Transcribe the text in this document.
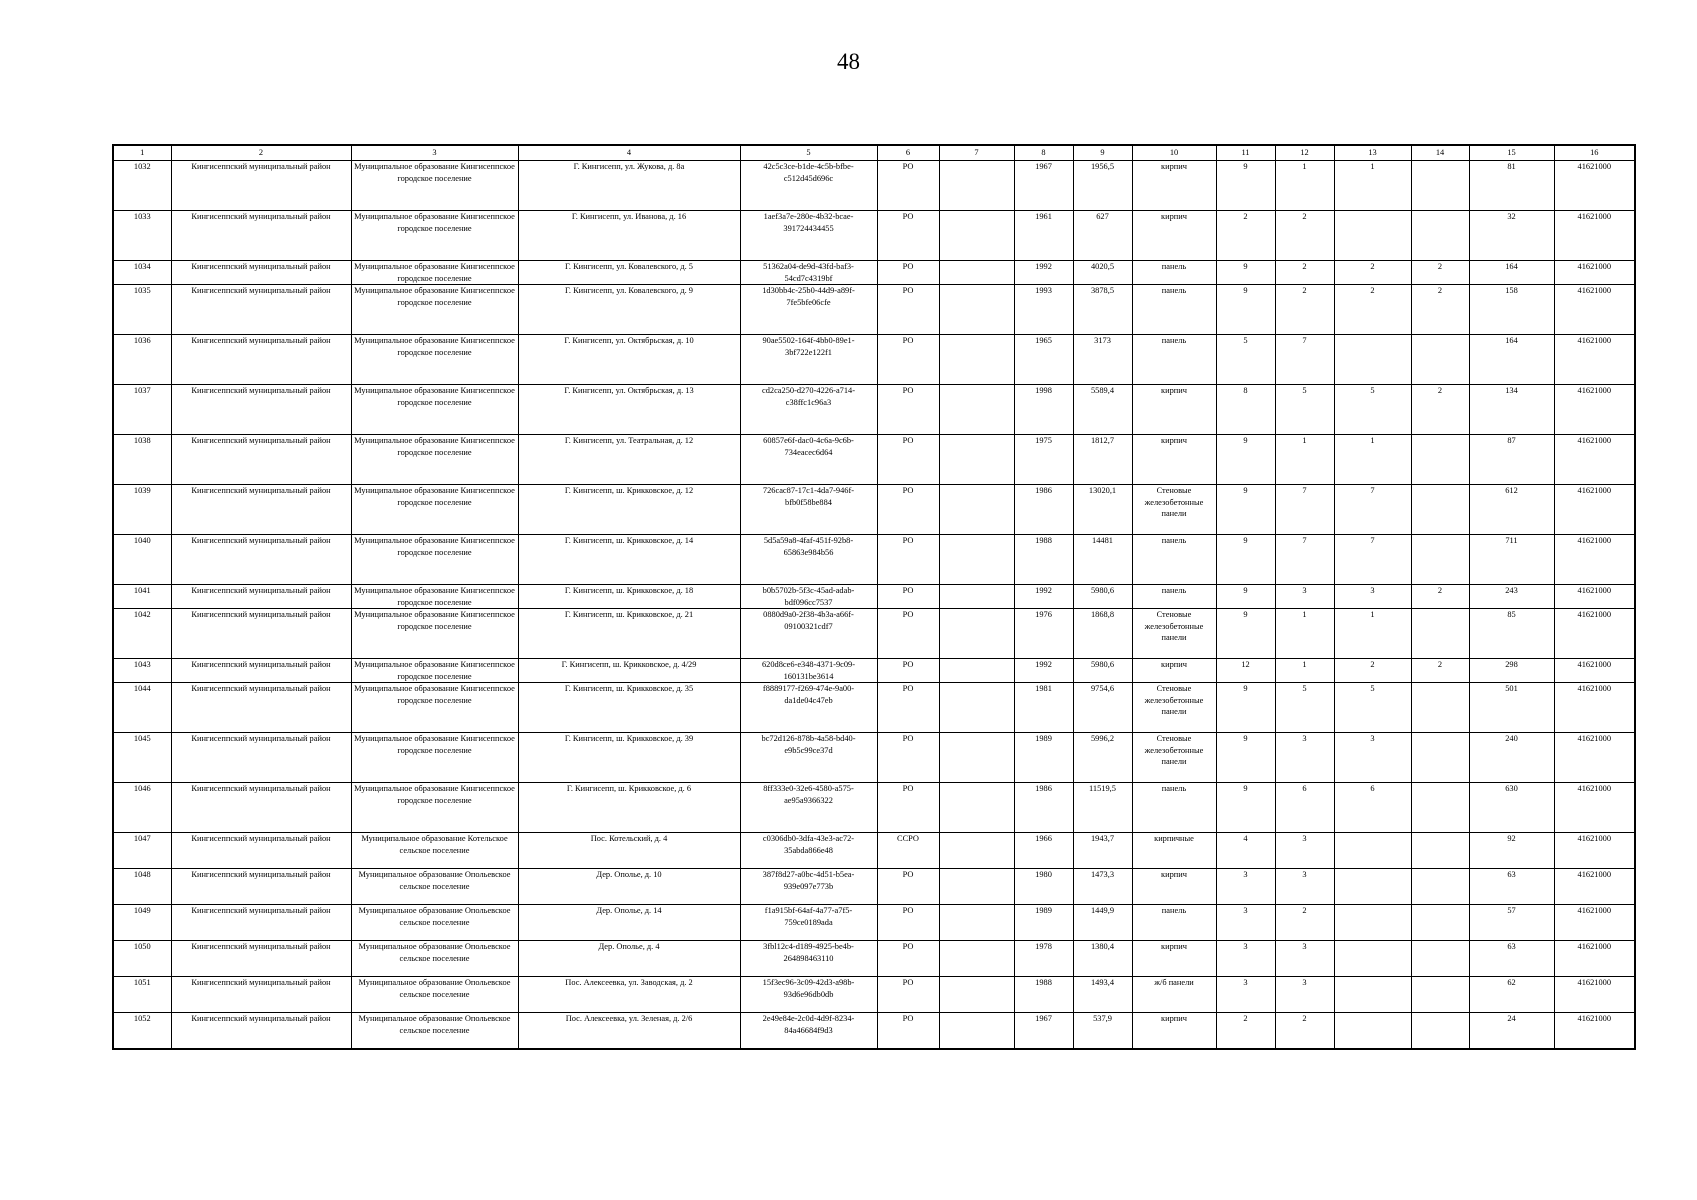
48
1	2	3	4	5	6	7	8	9	10	11	12	13	14	15	16
1032	Кингисеппский муниципальный район	Муниципальное образование Кингисеппское городское поселение	Г. Кингисепп, ул. Жукова, д. 8а	42c5c3ce-b1de-4c5b-bfbe-c512d45d696c	РО		1967	1956,5	кирпич	9	1	1		81	41621000
1033	Кингисеппский муниципальный район	Муниципальное образование Кингисеппское городское поселение	Г. Кингисепп, ул. Иванова, д. 16	1aef3a7e-280e-4b32-bcae-391724434455	РО		1961	627	кирпич	2	2			32	41621000
1034	Кингисеппский муниципальный район	Муниципальное образование Кингисеппское городское поселение	Г. Кингисепп, ул. Ковалевского, д. 5	51362a04-de9d-43fd-baf3-54cd7c4319bf	РО		1992	4020,5	панель	9	2	2	2	164	41621000
1035	Кингисеппский муниципальный район	Муниципальное образование Кингисеппское городское поселение	Г. Кингисепп, ул. Ковалевского, д. 9	1d30bb4c-25b0-44d9-a89f-7fe5bfe06cfe	РО		1993	3878,5	панель	9	2	2	2	158	41621000
1036	Кингисеппский муниципальный район	Муниципальное образование Кингисеппское городское поселение	Г. Кингисепп, ул. Октябрьская, д. 10	90ae5502-164f-4bb0-89e1-3bf722e122f1	РО		1965	3173	панель	5	7			164	41621000
1037	Кингисеппский муниципальный район	Муниципальное образование Кингисеппское городское поселение	Г. Кингисепп, ул. Октябрьская, д. 13	cd2ca250-d270-4226-a714-c38ffc1c96a3	РО		1998	5589,4	кирпич	8	5	5	2	134	41621000
1038	Кингисеппский муниципальный район	Муниципальное образование Кингисеппское городское поселение	Г. Кингисепп, ул. Театральная, д. 12	60857e6f-dac0-4c6a-9c6b-734eacec6d64	РО		1975	1812,7	кирпич	9	1	1		87	41621000
1039	Кингисеппский муниципальный район	Муниципальное образование Кингисеппское городское поселение	Г. Кингисепп, ш. Крикковское, д. 12	726cac87-17c1-4da7-946f-bfb0f58be884	РО		1986	13020,1	Стеновые железобетонные панели	9	7	7		612	41621000
1040	Кингисеппский муниципальный район	Муниципальное образование Кингисеппское городское поселение	Г. Кингисепп, ш. Крикковское, д. 14	5d5a59a8-4faf-451f-92b8-65863e984b56	РО		1988	14481	панель	9	7	7		711	41621000
1041	Кингисеппский муниципальный район	Муниципальное образование Кингисеппское городское поселение	Г. Кингисепп, ш. Крикковское, д. 18	b0b5702b-5f3c-45ad-adab-bdf096cc7537	РО		1992	5980,6	панель	9	3	3	2	243	41621000
1042	Кингисеппский муниципальный район	Муниципальное образование Кингисеппское городское поселение	Г. Кингисепп, ш. Крикковское, д. 21	0880d9a0-2f38-4b3a-a66f-09100321cdf7	РО		1976	1868,8	Стеновые железобетонные панели	9	1	1		85	41621000
1043	Кингисеппский муниципальный район	Муниципальное образование Кингисеппское городское поселение	Г. Кингисепп, ш. Крикковское, д. 4/29	620d8ce6-e348-4371-9c09-160131be3614	РО		1992	5980,6	кирпич	12	1	2	2	298	41621000
1044	Кингисеппский муниципальный район	Муниципальное образование Кингисеппское городское поселение	Г. Кингисепп, ш. Крикковское, д. 35	f8889177-f269-474e-9a00-da1de04c47eb	РО		1981	9754,6	Стеновые железобетонные панели	9	5	5		501	41621000
1045	Кингисеппский муниципальный район	Муниципальное образование Кингисеппское городское поселение	Г. Кингисепп, ш. Крикковское, д. 39	bc72d126-878b-4a58-bd40-e9b5c99ce37d	РО		1989	5996,2	Стеновые железобетонные панели	9	3	3		240	41621000
1046	Кингисеппский муниципальный район	Муниципальное образование Кингисеппское городское поселение	Г. Кингисепп, ш. Крикковское, д. 6	8ff333e0-32e6-4580-a575-ae95a9366322	РО		1986	11519,5	панель	9	6	6		630	41621000
1047	Кингисеппский муниципальный район	Муниципальное образование Котельское сельское поселение	Пос. Котельский, д. 4	c0306db0-3dfa-43e3-ac72-35abda866e48	ССРО		1966	1943,7	кирпичные	4	3			92	41621000
1048	Кингисеппский муниципальный район	Муниципальное образование Опольевское сельское поселение	Дер. Ополье, д. 10	387f8d27-a0bc-4d51-b5ea-939e097e773b	РО		1980	1473,3	кирпич	3	3			63	41621000
1049	Кингисеппский муниципальный район	Муниципальное образование Опольевское сельское поселение	Дер. Ополье, д. 14	f1a915bf-64af-4a77-a7f5-759ce0189ada	РО		1989	1449,9	панель	3	2			57	41621000
1050	Кингисеппский муниципальный район	Муниципальное образование Опольевское сельское поселение	Дер. Ополье, д. 4	3fbl12c4-d189-4925-be4b-264898463110	РО		1978	1380,4	кирпич	3	3			63	41621000
1051	Кингисеппский муниципальный район	Муниципальное образование Опольевское сельское поселение	Пос. Алексеевка, ул. Заводская, д. 2	15f3ec96-3c09-42d3-a98b-93d6e96db0db	РО		1988	1493,4	ж/б панели	3	3			62	41621000
1052	Кингисеппский муниципальный район	Муниципальное образование Опольевское сельское поселение	Пос. Алексеевка, ул. Зеленая, д. 2/6	2e49e84e-2c0d-4d9f-8234-84a46684f9d3	РО		1967	537,9	кирпич	2	2			24	41621000
